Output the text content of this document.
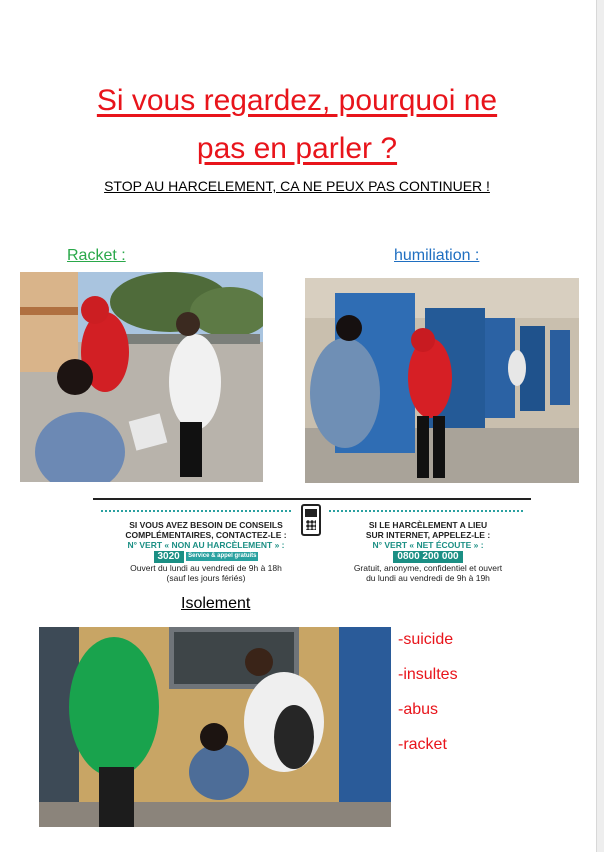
Si vous regardez, pourquoi ne
pas en parler ?
STOP AU HARCELEMENT, CA NE PEUX PAS CONTINUER !
Racket :	humiliation :
SI VOUS AVEZ BESOIN DE CONSEILS
COMPLÉMENTAIRES, CONTACTEZ-LE :
N° VERT « NON AU HARCÈLEMENT » :
3020 Service & appel gratuits
Ouvert du lundi au vendredi de 9h à 18h
(sauf les jours fériés)
SI LE HARCÈLEMENT A LIEU
SUR INTERNET, APPELEZ-LE :
N° VERT « NET ÉCOUTE » :
0800 200 000
Gratuit, anonyme, confidentiel et ouvert
du lundi au vendredi de 9h à 19h
Isolement
-suicide
-insultes
-abus
-racket
